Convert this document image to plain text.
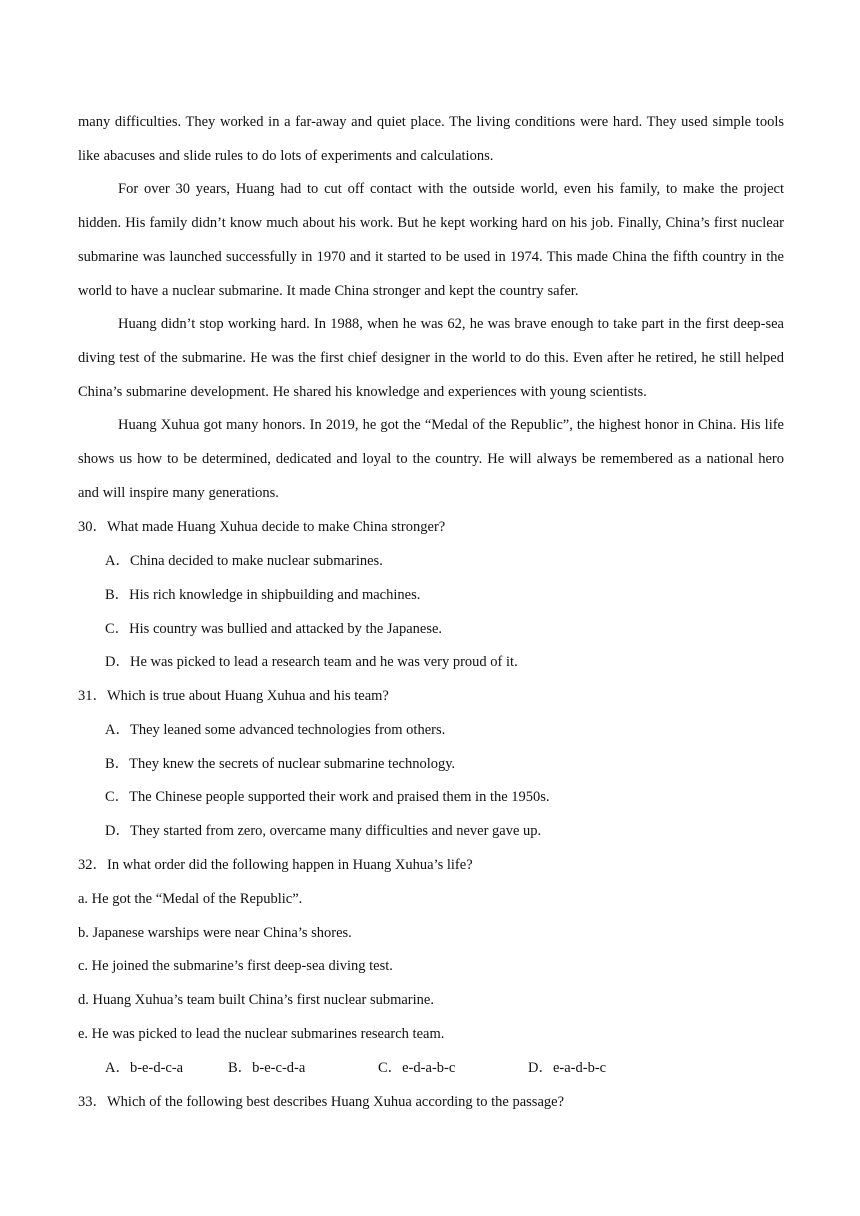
many difficulties. They worked in a far-away and quiet place. The living conditions were hard. They used simple tools like abacuses and slide rules to do lots of experiments and calculations.
For over 30 years, Huang had to cut off contact with the outside world, even his family, to make the project hidden. His family didn’t know much about his work. But he kept working hard on his job. Finally, China’s first nuclear submarine was launched successfully in 1970 and it started to be used in 1974. This made China the fifth country in the world to have a nuclear submarine. It made China stronger and kept the country safer.
Huang didn’t stop working hard. In 1988, when he was 62, he was brave enough to take part in the first deep-sea diving test of the submarine. He was the first chief designer in the world to do this. Even after he retired, he still helped China’s submarine development. He shared his knowledge and experiences with young scientists.
Huang Xuhua got many honors. In 2019, he got the “Medal of the Republic”, the highest honor in China. His life shows us how to be determined, dedicated and loyal to the country. He will always be remembered as a national hero and will inspire many generations.
30．What made Huang Xuhua decide to make China stronger?
A．China decided to make nuclear submarines.
B．His rich knowledge in shipbuilding and machines.
C．His country was bullied and attacked by the Japanese.
D．He was picked to lead a research team and he was very proud of it.
31．Which is true about Huang Xuhua and his team?
A．They leaned some advanced technologies from others.
B．They knew the secrets of nuclear submarine technology.
C．The Chinese people supported their work and praised them in the 1950s.
D．They started from zero, overcame many difficulties and never gave up.
32．In what order did the following happen in Huang Xuhua’s life?
a. He got the “Medal of the Republic”.
b. Japanese warships were near China’s shores.
c. He joined the submarine’s first deep-sea diving test.
d. Huang Xuhua’s team built China’s first nuclear submarine.
e. He was picked to lead the nuclear submarines research team.
A．b-e-d-c-a	B．b-e-c-d-a	C．e-d-a-b-c	D．e-a-d-b-c
33．Which of the following best describes Huang Xuhua according to the passage?
